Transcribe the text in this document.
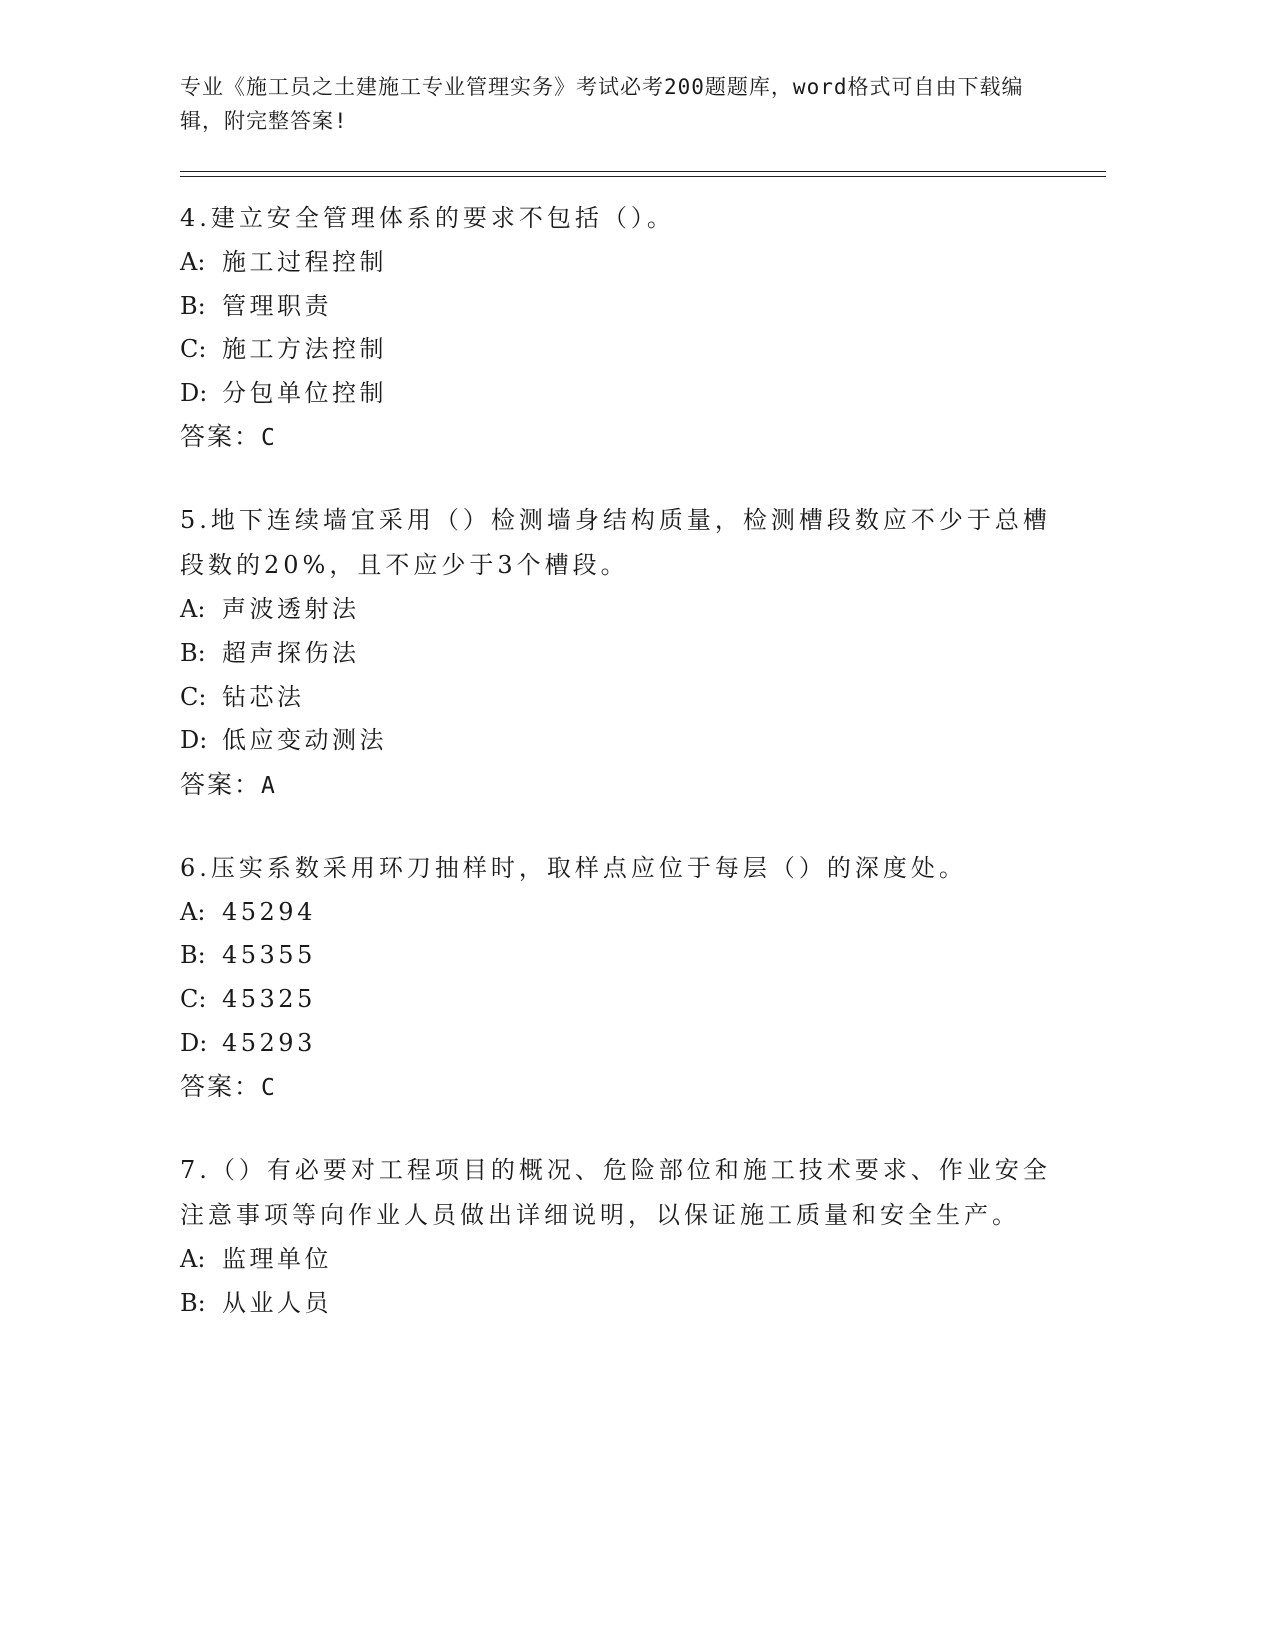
专业《施工员之土建施工专业管理实务》考试必考200题题库，word格式可自由下载编辑，附完整答案!

4.建立安全管理体系的要求不包括（）。

A: 施工过程控制

B: 管理职责

C: 施工方法控制

D: 分包单位控制

答案：C

5.地下连续墙宜采用（）检测墙身结构质量，检测槽段数应不少于总槽段数的20%，且不应少于3个槽段。

A: 声波透射法

B: 超声探伤法

C: 钻芯法

D: 低应变动测法

答案：A

6.压实系数采用环刀抽样时，取样点应位于每层（）的深度处。

A: 45294

B: 45355

C: 45325

D: 45293

答案：C

7.（）有必要对工程项目的概况、危险部位和施工技术要求、作业安全注意事项等向作业人员做出详细说明，以保证施工质量和安全生产。

A: 监理单位

B: 从业人员
